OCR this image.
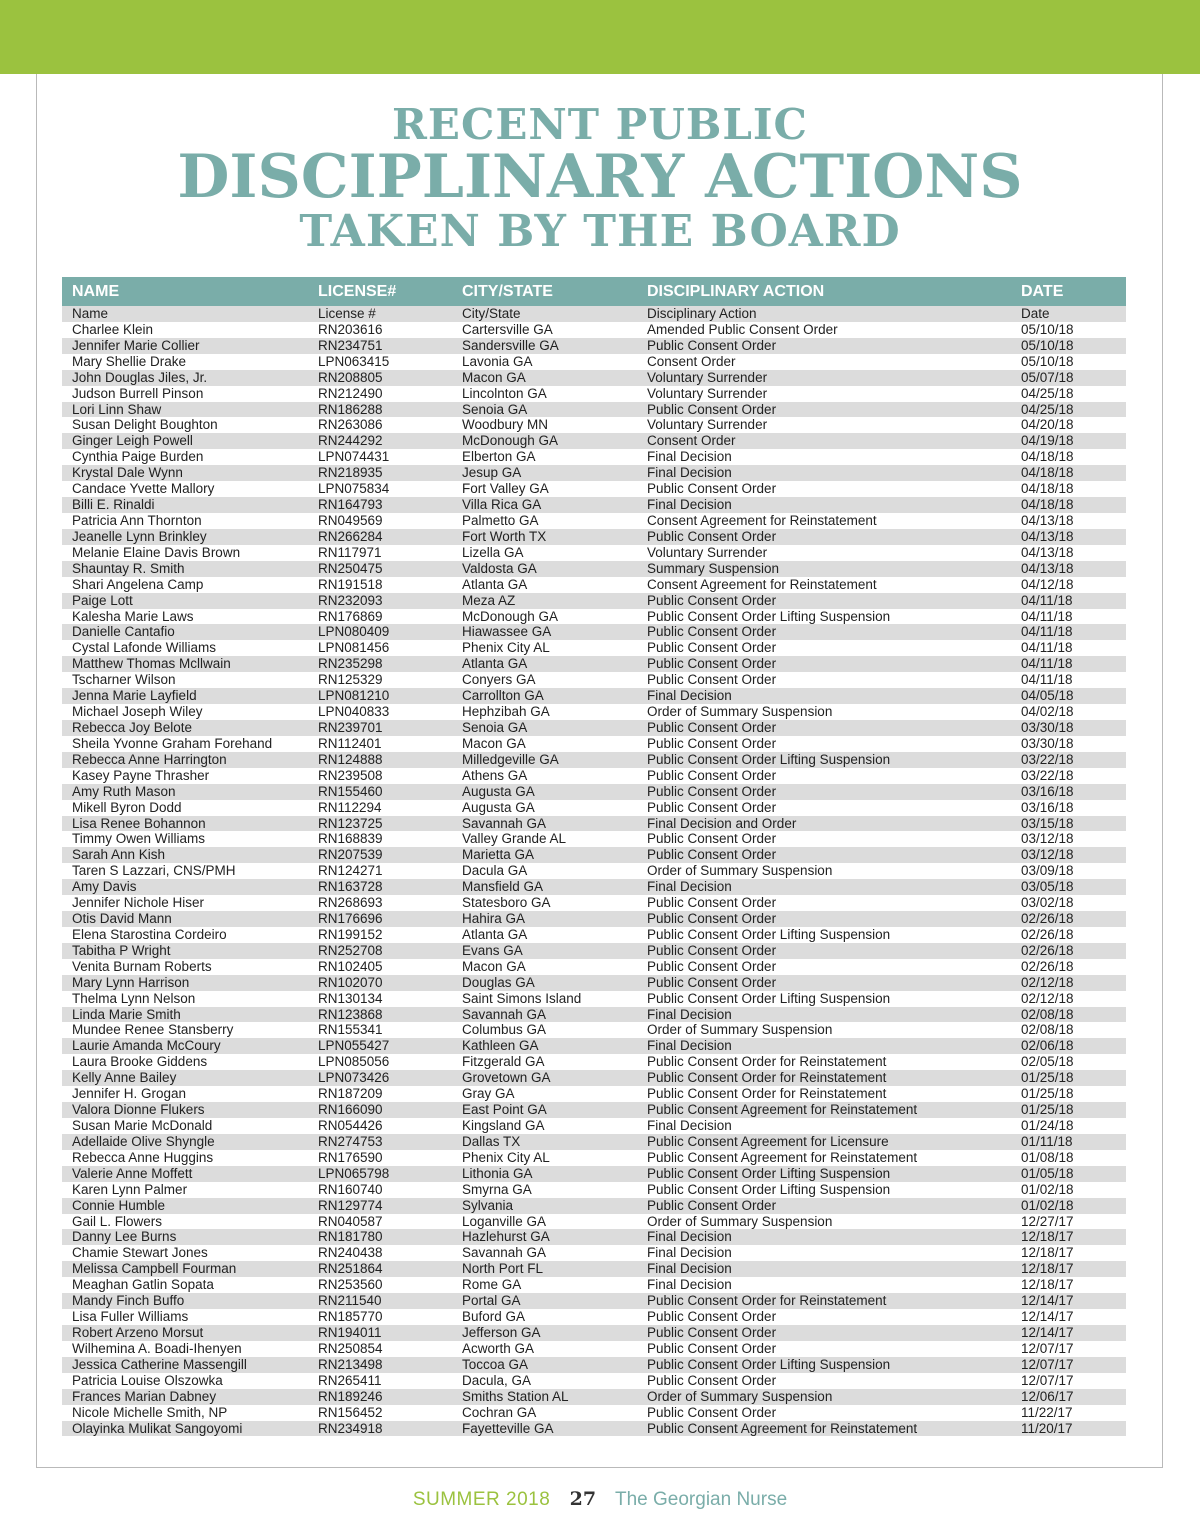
RECENT PUBLIC
DISCIPLINARY ACTIONS
TAKEN BY THE BOARD
NAME	LICENSE#	CITY/STATE	DISCIPLINARY ACTION	DATE
Name	License #	City/State	Disciplinary Action	Date
Charlee Klein	RN203616	Cartersville GA	Amended Public Consent Order	05/10/18
Jennifer Marie Collier	RN234751	Sandersville GA	Public Consent Order	05/10/18
Mary Shellie Drake	LPN063415	Lavonia GA	Consent Order	05/10/18
John Douglas Jiles, Jr.	RN208805	Macon GA	Voluntary Surrender	05/07/18
Judson Burrell Pinson	RN212490	Lincolnton GA	Voluntary Surrender	04/25/18
Lori Linn Shaw	RN186288	Senoia GA	Public Consent Order	04/25/18
Susan Delight Boughton	RN263086	Woodbury MN	Voluntary Surrender	04/20/18
Ginger Leigh Powell	RN244292	McDonough GA	Consent Order	04/19/18
Cynthia Paige Burden	LPN074431	Elberton GA	Final Decision	04/18/18
Krystal Dale Wynn	RN218935	Jesup GA	Final Decision	04/18/18
Candace Yvette Mallory	LPN075834	Fort Valley GA	Public Consent Order	04/18/18
Billi E. Rinaldi	RN164793	Villa Rica GA	Final Decision	04/18/18
Patricia Ann Thornton	RN049569	Palmetto GA	Consent Agreement for Reinstatement	04/13/18
Jeanelle Lynn Brinkley	RN266284	Fort Worth TX	Public Consent Order	04/13/18
Melanie Elaine Davis Brown	RN117971	Lizella GA	Voluntary Surrender	04/13/18
Shauntay R. Smith	RN250475	Valdosta GA	Summary Suspension	04/13/18
Shari Angelena Camp	RN191518	Atlanta GA	Consent Agreement for Reinstatement	04/12/18
Paige Lott	RN232093	Meza AZ	Public Consent Order	04/11/18
Kalesha Marie Laws	RN176869	McDonough GA	Public Consent Order Lifting Suspension	04/11/18
Danielle Cantafio	LPN080409	Hiawassee GA	Public Consent Order	04/11/18
Cystal Lafonde Williams	LPN081456	Phenix City AL	Public Consent Order	04/11/18
Matthew Thomas Mcllwain	RN235298	Atlanta GA	Public Consent Order	04/11/18
Tscharner Wilson	RN125329	Conyers GA	Public Consent Order	04/11/18
Jenna Marie Layfield	LPN081210	Carrollton GA	Final Decision	04/05/18
Michael Joseph Wiley	LPN040833	Hephzibah GA	Order of Summary Suspension	04/02/18
Rebecca Joy Belote	RN239701	Senoia GA	Public Consent Order	03/30/18
Sheila Yvonne Graham Forehand	RN112401	Macon GA	Public Consent Order	03/30/18
Rebecca Anne Harrington	RN124888	Milledgeville GA	Public Consent Order Lifting Suspension	03/22/18
Kasey Payne Thrasher	RN239508	Athens GA	Public Consent Order	03/22/18
Amy Ruth Mason	RN155460	Augusta GA	Public Consent Order	03/16/18
Mikell Byron Dodd	RN112294	Augusta GA	Public Consent Order	03/16/18
Lisa Renee Bohannon	RN123725	Savannah GA	Final Decision and Order	03/15/18
Timmy Owen Williams	RN168839	Valley Grande AL	Public Consent Order	03/12/18
Sarah Ann Kish	RN207539	Marietta GA	Public Consent Order	03/12/18
Taren S Lazzari, CNS/PMH	RN124271	Dacula GA	Order of Summary Suspension	03/09/18
Amy Davis	RN163728	Mansfield GA	Final Decision	03/05/18
Jennifer Nichole Hiser	RN268693	Statesboro GA	Public Consent Order	03/02/18
Otis David Mann	RN176696	Hahira GA	Public Consent Order	02/26/18
Elena Starostina Cordeiro	RN199152	Atlanta GA	Public Consent Order Lifting Suspension	02/26/18
Tabitha P Wright	RN252708	Evans GA	Public Consent Order	02/26/18
Venita Burnam Roberts	RN102405	Macon GA	Public Consent Order	02/26/18
Mary Lynn Harrison	RN102070	Douglas GA	Public Consent Order	02/12/18
Thelma Lynn Nelson	RN130134	Saint Simons Island	Public Consent Order Lifting Suspension	02/12/18
Linda Marie Smith	RN123868	Savannah GA	Final Decision	02/08/18
Mundee Renee Stansberry	RN155341	Columbus GA	Order of Summary Suspension	02/08/18
Laurie Amanda McCoury	LPN055427	Kathleen GA	Final Decision	02/06/18
Laura Brooke Giddens	LPN085056	Fitzgerald GA	Public Consent Order for Reinstatement	02/05/18
Kelly Anne Bailey	LPN073426	Grovetown GA	Public Consent Order for Reinstatement	01/25/18
Jennifer H. Grogan	RN187209	Gray GA	Public Consent Order for Reinstatement	01/25/18
Valora Dionne Flukers	RN166090	East Point GA	Public Consent Agreement for Reinstatement	01/25/18
Susan Marie McDonald	RN054426	Kingsland GA	Final Decision	01/24/18
Adellaide Olive Shyngle	RN274753	Dallas TX	Public Consent Agreement for Licensure	01/11/18
Rebecca Anne Huggins	RN176590	Phenix City AL	Public Consent Agreement for Reinstatement	01/08/18
Valerie Anne Moffett	LPN065798	Lithonia GA	Public Consent Order Lifting Suspension	01/05/18
Karen Lynn Palmer	RN160740	Smyrna GA	Public Consent Order Lifting Suspension	01/02/18
Connie Humble	RN129774	Sylvania	Public Consent Order	01/02/18
Gail L. Flowers	RN040587	Loganville GA	Order of Summary Suspension	12/27/17
Danny Lee Burns	RN181780	Hazlehurst GA	Final Decision	12/18/17
Chamie Stewart Jones	RN240438	Savannah GA	Final Decision	12/18/17
Melissa Campbell Fourman	RN251864	North Port FL	Final Decision	12/18/17
Meaghan Gatlin Sopata	RN253560	Rome GA	Final Decision	12/18/17
Mandy Finch Buffo	RN211540	Portal GA	Public Consent Order for Reinstatement	12/14/17
Lisa Fuller Williams	RN185770	Buford GA	Public Consent Order	12/14/17
Robert Arzeno Morsut	RN194011	Jefferson GA	Public Consent Order	12/14/17
Wilhemina A. Boadi-Ihenyen	RN250854	Acworth GA	Public Consent Order	12/07/17
Jessica Catherine Massengill	RN213498	Toccoa GA	Public Consent Order Lifting Suspension	12/07/17
Patricia Louise Olszowka	RN265411	Dacula, GA	Public Consent Order	12/07/17
Frances Marian Dabney	RN189246	Smiths Station AL	Order of Summary Suspension	12/06/17
Nicole Michelle Smith, NP	RN156452	Cochran GA	Public Consent Order	11/22/17
Olayinka Mulikat Sangoyomi	RN234918	Fayetteville GA	Public Consent Agreement for Reinstatement	11/20/17
SUMMER 2018 27 The Georgian Nurse
